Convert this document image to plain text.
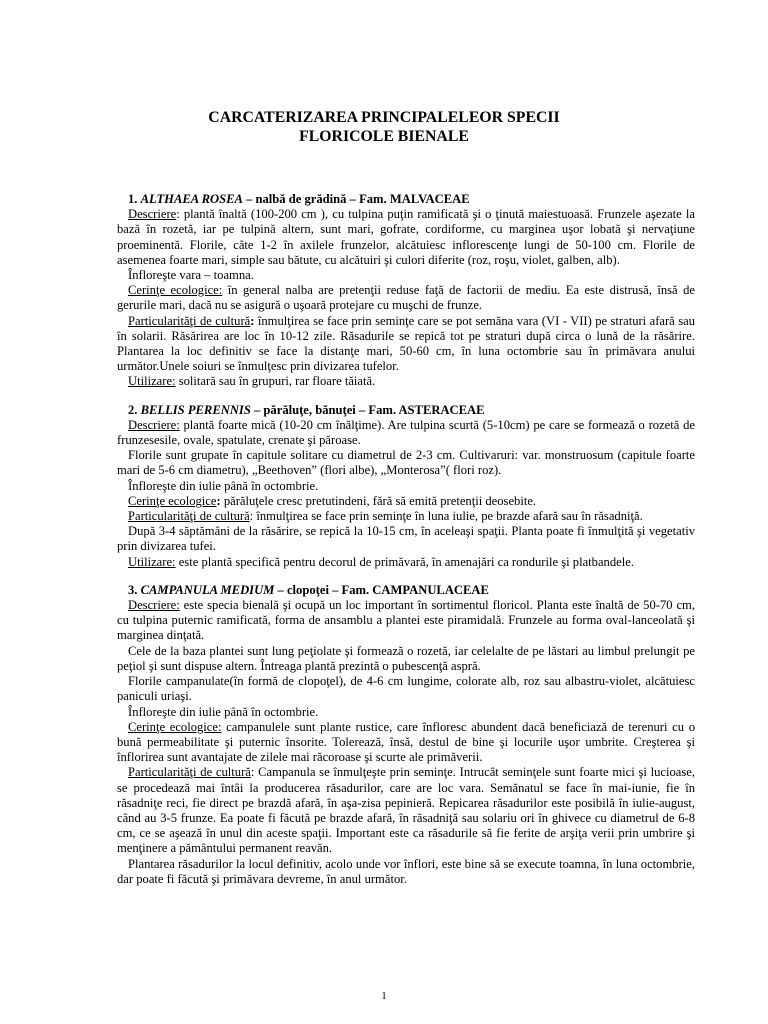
CARCATERIZAREA PRINCIPALELEOR SPECII
FLORICOLE BIENALE

1. ALTHAEA ROSEA – nalbă de grădină – Fam. MALVACEAE

Descriere: plantă înaltă (100-200 cm ), cu tulpina puţin ramificată şi o ţinută maiestuoasă. Frunzele aşezate la bază în rozetă, iar pe tulpină altern, sunt mari, gofrate, cordiforme, cu marginea uşor lobată şi nervaţiune proeminentă. Florile, câte 1-2 în axilele frunzelor, alcătuiesc inflorescenţe lungi de 50-100 cm. Florile de asemenea foarte mari, simple sau bătute, cu alcătuiri şi culori diferite (roz, roşu, violet, galben, alb).

Înfloreşte vara – toamna.

Cerinţe ecologice: în general nalba are pretenţii reduse faţă de factorii de mediu. Ea este distrusă, însă de gerurile mari, dacă nu se asigură o uşoară protejare cu muşchi de frunze.

Particularităţi de cultură: înmulţirea se face prin seminţe care se pot semăna vara (VI - VII) pe straturi afară sau în solarii. Răsărirea are loc în 10-12 zile. Răsadurile se repică tot pe straturi după circa o lună de la răsărire. Plantarea la loc definitiv se face la distanţe mari, 50-60 cm, în luna octombrie sau în primăvara anului următor.Unele soiuri se înmulţesc prin divizarea tufelor.

Utilizare: solitară sau în grupuri, rar floare tăiată.

2. BELLIS PERENNIS – părăluţe, bănuţei – Fam. ASTERACEAE

Descriere: plantă foarte mică (10-20 cm înălţime). Are tulpina scurtă (5-10cm) pe care se formează o rozetă de frunzesesile, ovale, spatulate, crenate şi păroase.

Florile sunt grupate în capitule solitare cu diametrul de 2-3 cm. Cultivaruri: var. monstruosum (capitule foarte mari de 5-6 cm diametru), „Beethoven” (flori albe), „Monterosa”( flori roz).

Înfloreşte din iulie până în octombrie.

Cerinţe ecologice: părăluţele cresc pretutindeni, fără să emită pretenţii deosebite.

Particularităţi de cultură: înmulţirea se face prin seminţe în luna iulie, pe brazde afară sau în răsadniţă.

După 3-4 săptămâni de la răsărire, se repică la 10-15 cm, în aceleaşi spaţii. Planta poate fi înmulţită şi vegetativ prin divizarea tufei.

Utilizare: este plantă specifică pentru decorul de primăvară, în amenajări ca rondurile şi platbandele.

3. CAMPANULA MEDIUM – clopoţei – Fam. CAMPANULACEAE

Descriere: este specia bienală şi ocupă un loc important în sortimentul floricol. Planta este înaltă de 50-70 cm, cu tulpina puternic ramificată, forma de ansamblu a plantei este piramidală. Frunzele au forma oval-lanceolată şi marginea dinţată.

Cele de la baza plantei sunt lung peţiolate şi formează o rozetă, iar celelalte de pe lăstari au limbul prelungit pe peţiol şi sunt dispuse altern. Întreaga plantă prezintă o pubescenţă aspră.

Florile campanulate(în formă de clopoţel), de 4-6 cm lungime, colorate alb, roz sau albastru-violet, alcătuiesc paniculi uriaşi.

Înfloreşte din iulie până în octombrie.

Cerinţe ecologice: campanulele sunt plante rustice, care înfloresc abundent dacă beneficiază de terenuri cu o bună permeabilitate şi puternic însorite. Tolerează, însă, destul de bine şi locurile uşor umbrite. Creşterea şi înflorirea sunt avantajate de zilele mai răcoroase şi scurte ale primăverii.

Particularităţi de cultură: Campanula se înmulţeşte prin seminţe. Intrucât seminţele sunt foarte mici şi lucioase, se procedează mai întâi la producerea răsadurilor, care are loc vara. Semănatul se face în mai-iunie, fie în răsadniţe reci, fie direct pe brazdă afară, în aşa-zisa pepinieră. Repicarea răsadurilor este posibilă în iulie-august, când au 3-5 frunze. Ea poate fi făcută pe brazde afară, în răsadniţă sau solariu ori în ghivece cu diametrul de 6-8 cm, ce se aşează în unul din aceste spaţii. Important este ca răsadurile să fie ferite de arşiţa verii prin umbrire şi menţinere a pământului permanent reavăn.

Plantarea răsadurilor la locul definitiv, acolo unde vor înflori, este bine să se execute toamna, în luna octombrie, dar poate fi făcută şi primăvara devreme, în anul următor.

1
